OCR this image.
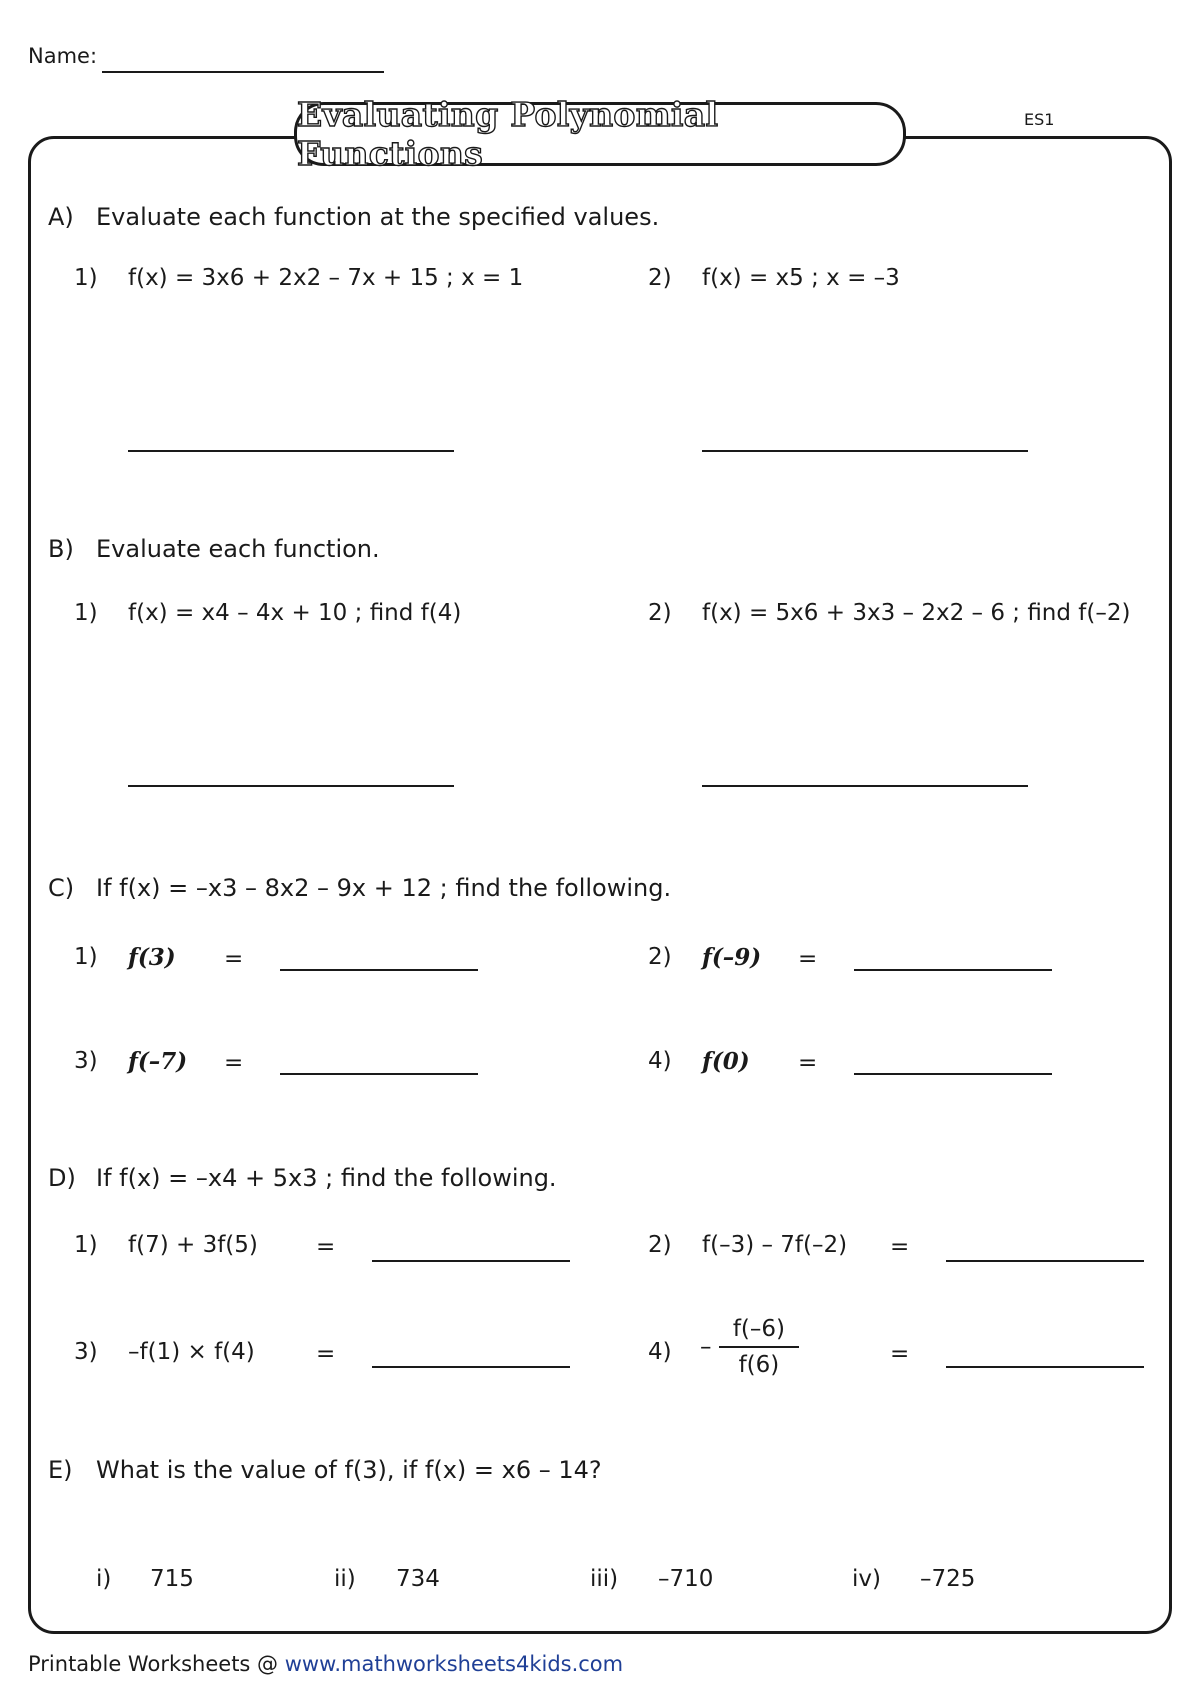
Name:
Evaluating Polynomial Functions
ES1
A) Evaluate each function at the specified values.
1) f(x) = 3x6 + 2x2 – 7x + 15 ; x = 1	2) f(x) = x5 ; x = –3
B) Evaluate each function.
1) f(x) = x4 – 4x + 10 ; find f(4)	2) f(x) = 5x6 + 3x3 – 2x2 – 6 ; find f(–2)
C) If f(x) = –x3 – 8x2 – 9x + 12 ; find the following.
1) f(3) =	2) f(–9) =
3) f(–7) =	4) f(0) =
D) If f(x) = –x4 + 5x3 ; find the following.
1) f(7) + 3f(5)	=	2) f(–3) – 7f(–2) =
3) –f(1) × f(4)	=	$4) - \frac{f(-6)}{f(6)}$	=
E) What is the value of f(3), if f(x) = x6 – 14?
i) 715	ii) 734	iii) –710	iv) –725
Printable Worksheets @ www.mathworksheets4kids.com
